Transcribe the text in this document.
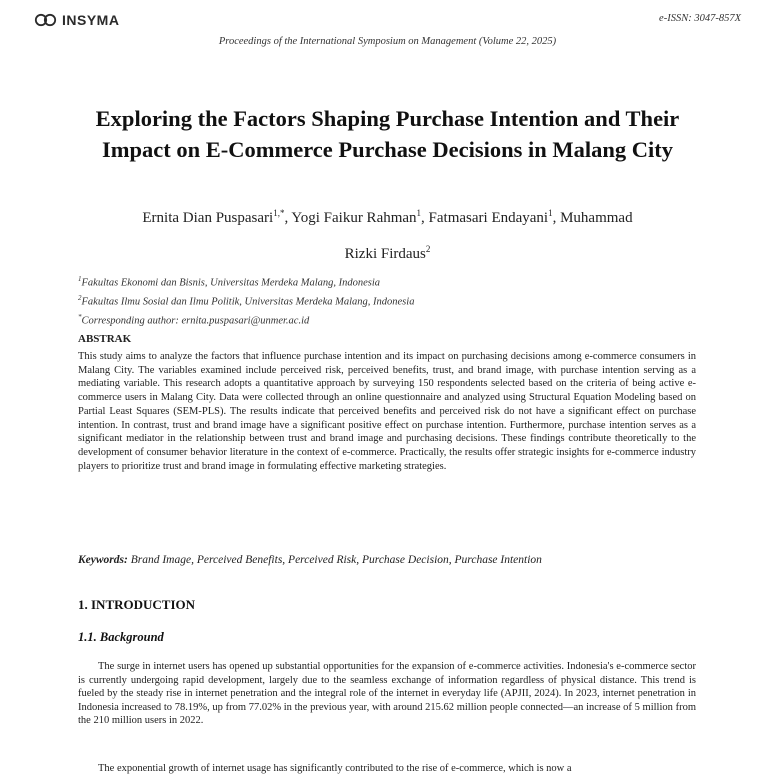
INSYMA	e-ISSN: 3047-857X
Proceedings of the International Symposium on Management (Volume 22, 2025)
Exploring the Factors Shaping Purchase Intention and Their Impact on E-Commerce Purchase Decisions in Malang City
Ernita Dian Puspasari$^{1,*}$, Yogi Faikur Rahman$^1$, Fatmasari Endayani$^1$, Muhammad
Rizki Firdaus$^2$
$^1$Fakultas Ekonomi dan Bisnis, Universitas Merdeka Malang, Indonesia
$^2$Fakultas Ilmu Sosial dan Ilmu Politik, Universitas Merdeka Malang, Indonesia
*Corresponding author: ernita.puspasari@unmer.ac.id
ABSTRAK
This study aims to analyze the factors that influence purchase intention and its impact on purchasing decisions among e-commerce consumers in Malang City. The variables examined include perceived risk, perceived benefits, trust, and brand image, with purchase intention serving as a mediating variable. This research adopts a quantitative approach by surveying 150 respondents selected based on the criteria of being active e-commerce users in Malang City. Data were collected through an online questionnaire and analyzed using Structural Equation Modeling based on Partial Least Squares (SEM-PLS). The results indicate that perceived benefits and perceived risk do not have a significant effect on purchase intention. In contrast, trust and brand image have a significant positive effect on purchase intention. Furthermore, purchase intention serves as a significant mediator in the relationship between trust and brand image and purchasing decisions. These findings contribute theoretically to the development of consumer behavior literature in the context of e-commerce. Practically, the results offer strategic insights for e-commerce industry players to prioritize trust and brand image in formulating effective marketing strategies.
Keywords: Brand Image, Perceived Benefits, Perceived Risk, Purchase Decision, Purchase Intention
1. INTRODUCTION
1.1. Background
The surge in internet users has opened up substantial opportunities for the expansion of e-commerce activities. Indonesia's e-commerce sector is currently undergoing rapid development, largely due to the seamless exchange of information regardless of physical distance. This trend is fueled by the steady rise in internet penetration and the integral role of the internet in everyday life (APJII, 2024). In 2023, internet penetration in Indonesia increased to 78.19%, up from 77.02% in the previous year, with around 215.62 million people connected—an increase of 5 million from the 210 million users in 2022.
The exponential growth of internet usage has significantly contributed to the rise of e-commerce, which is now a
